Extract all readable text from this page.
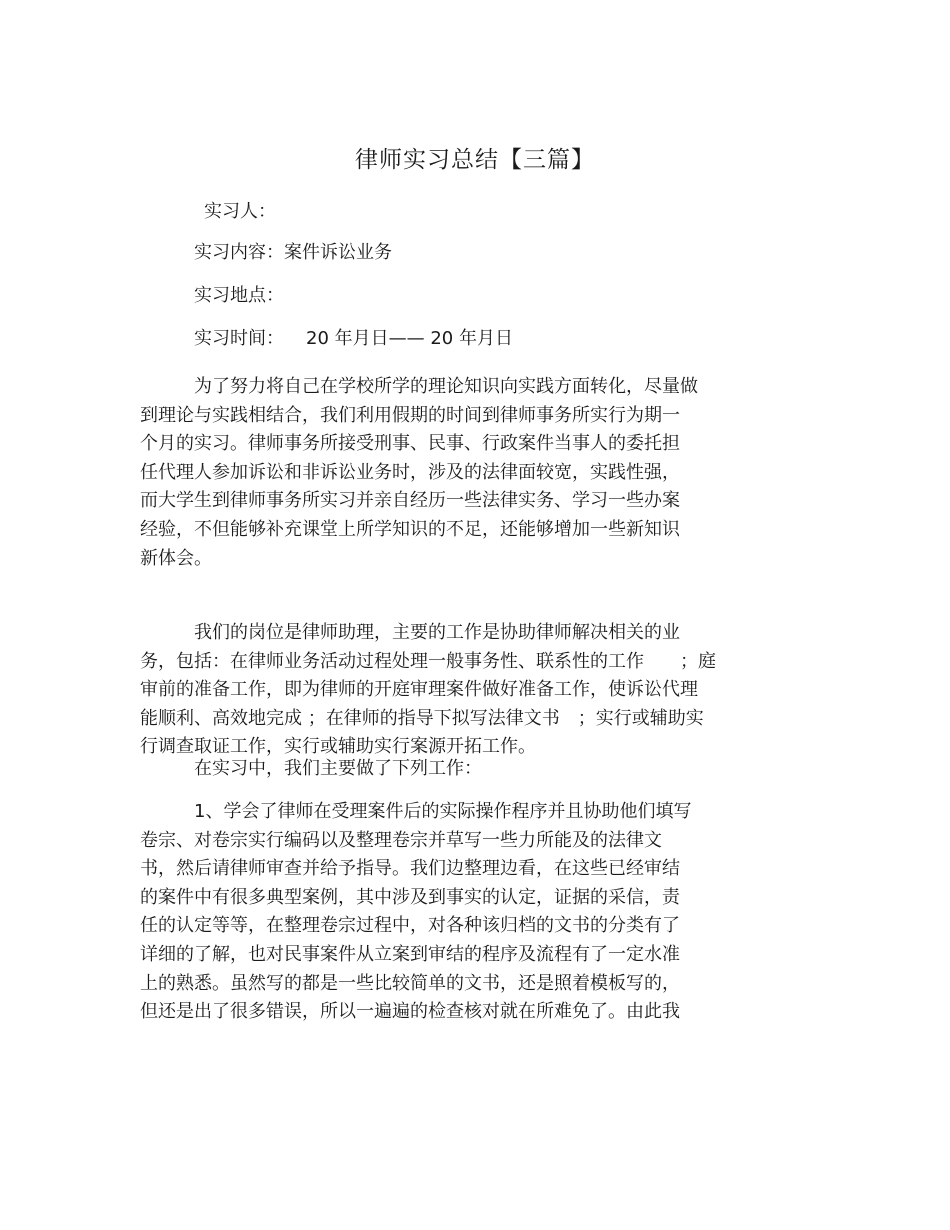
律师实习总结【三篇】
实习人：
实习内容：案件诉讼业务
实习地点：
实习时间： 20 年月日—— 20 年月日
为了努力将自己在学校所学的理论知识向实践方面转化，尽量做
到理论与实践相结合，我们利用假期的时间到律师事务所实行为期一
个月的实习。律师事务所接受刑事、民事、行政案件当事人的委托担
任代理人参加诉讼和非诉讼业务时，涉及的法律面较宽，实践性强，
而大学生到律师事务所实习并亲自经历一些法律实务、学习一些办案
经验，不但能够补充课堂上所学知识的不足，还能够增加一些新知识
新体会。
我们的岗位是律师助理，主要的工作是协助律师解决相关的业
务，包括：在律师业务活动过程处理一般事务性、联系性的工作　　；庭
审前的准备工作，即为律师的开庭审理案件做好准备工作，使诉讼代理
能顺利、高效地完成 ；在律师的指导下拟写法律文书　；实行或辅助实
行调查取证工作，实行或辅助实行案源开拓工作。
在实习中，我们主要做了下列工作：
1、学会了律师在受理案件后的实际操作程序并且协助他们填写
卷宗、对卷宗实行编码以及整理卷宗并草写一些力所能及的法律文
书，然后请律师审查并给予指导。我们边整理边看，在这些已经审结
的案件中有很多典型案例，其中涉及到事实的认定，证据的采信，责
任的认定等等，在整理卷宗过程中，对各种该归档的文书的分类有了
详细的了解，也对民事案件从立案到审结的程序及流程有了一定水准
上的熟悉。虽然写的都是一些比较简单的文书，还是照着模板写的，
但还是出了很多错误，所以一遍遍的检查核对就在所难免了。由此我
